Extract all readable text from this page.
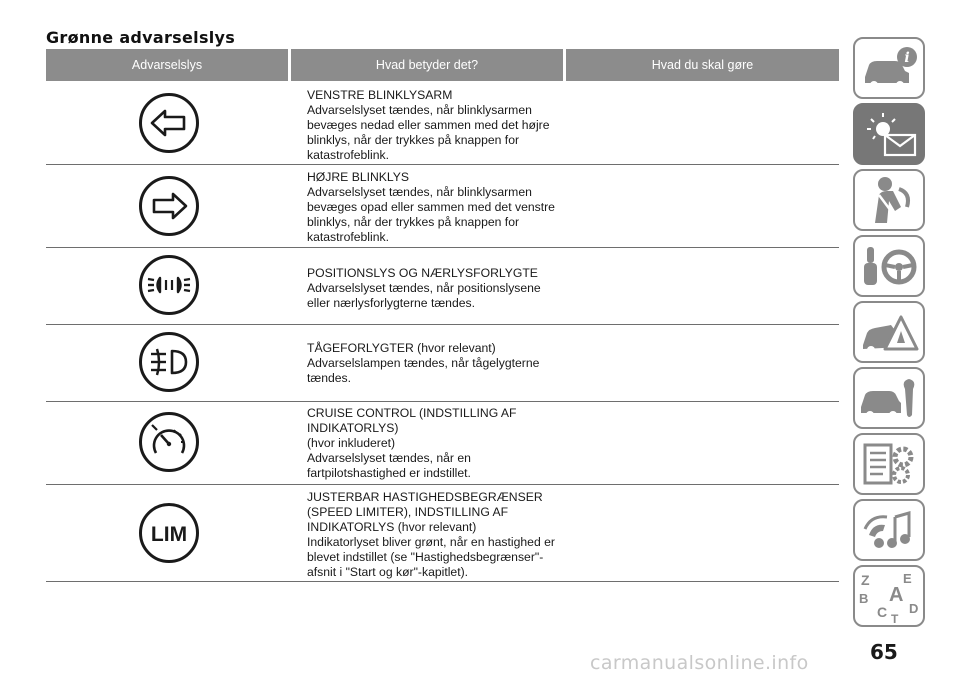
Grønne advarselslys
Advarselslys	Hvad betyder det?	Hvad du skal gøre
VENSTRE BLINKLYSARM
Advarselslyset tændes, når blinklysarmen
bevæges nedad eller sammen med det højre
blinklys, når der trykkes på knappen for
katastrofeblink.
HØJRE BLINKLYS
Advarselslyset tændes, når blinklysarmen
bevæges opad eller sammen med det venstre
blinklys, når der trykkes på knappen for
katastrofeblink.
POSITIONSLYS OG NÆRLYSFORLYGTE
Advarselslyset tændes, når positionslysene
eller nærlysforlygterne tændes.
TÅGEFORLYGTER (hvor relevant)
Advarselslampen tændes, når tågelygterne
tændes.
CRUISE CONTROL (INDSTILLING AF
INDIKATORLYS)
(hvor inkluderet)
Advarselslyset tændes, når en
fartpilotshastighed er indstillet.
LIM
JUSTERBAR HASTIGHEDSBEGRÆNSER
(SPEED LIMITER), INDSTILLING AF
INDIKATORLYS (hvor relevant)
Indikatorlyset bliver grønt, når en hastighed er
blevet indstillet (se "Hastighedsbegrænser"-
afsnit i "Start og kør"-kapitlet).
i
Z	E
B A
C D
T
65
carmanualsonline.info
